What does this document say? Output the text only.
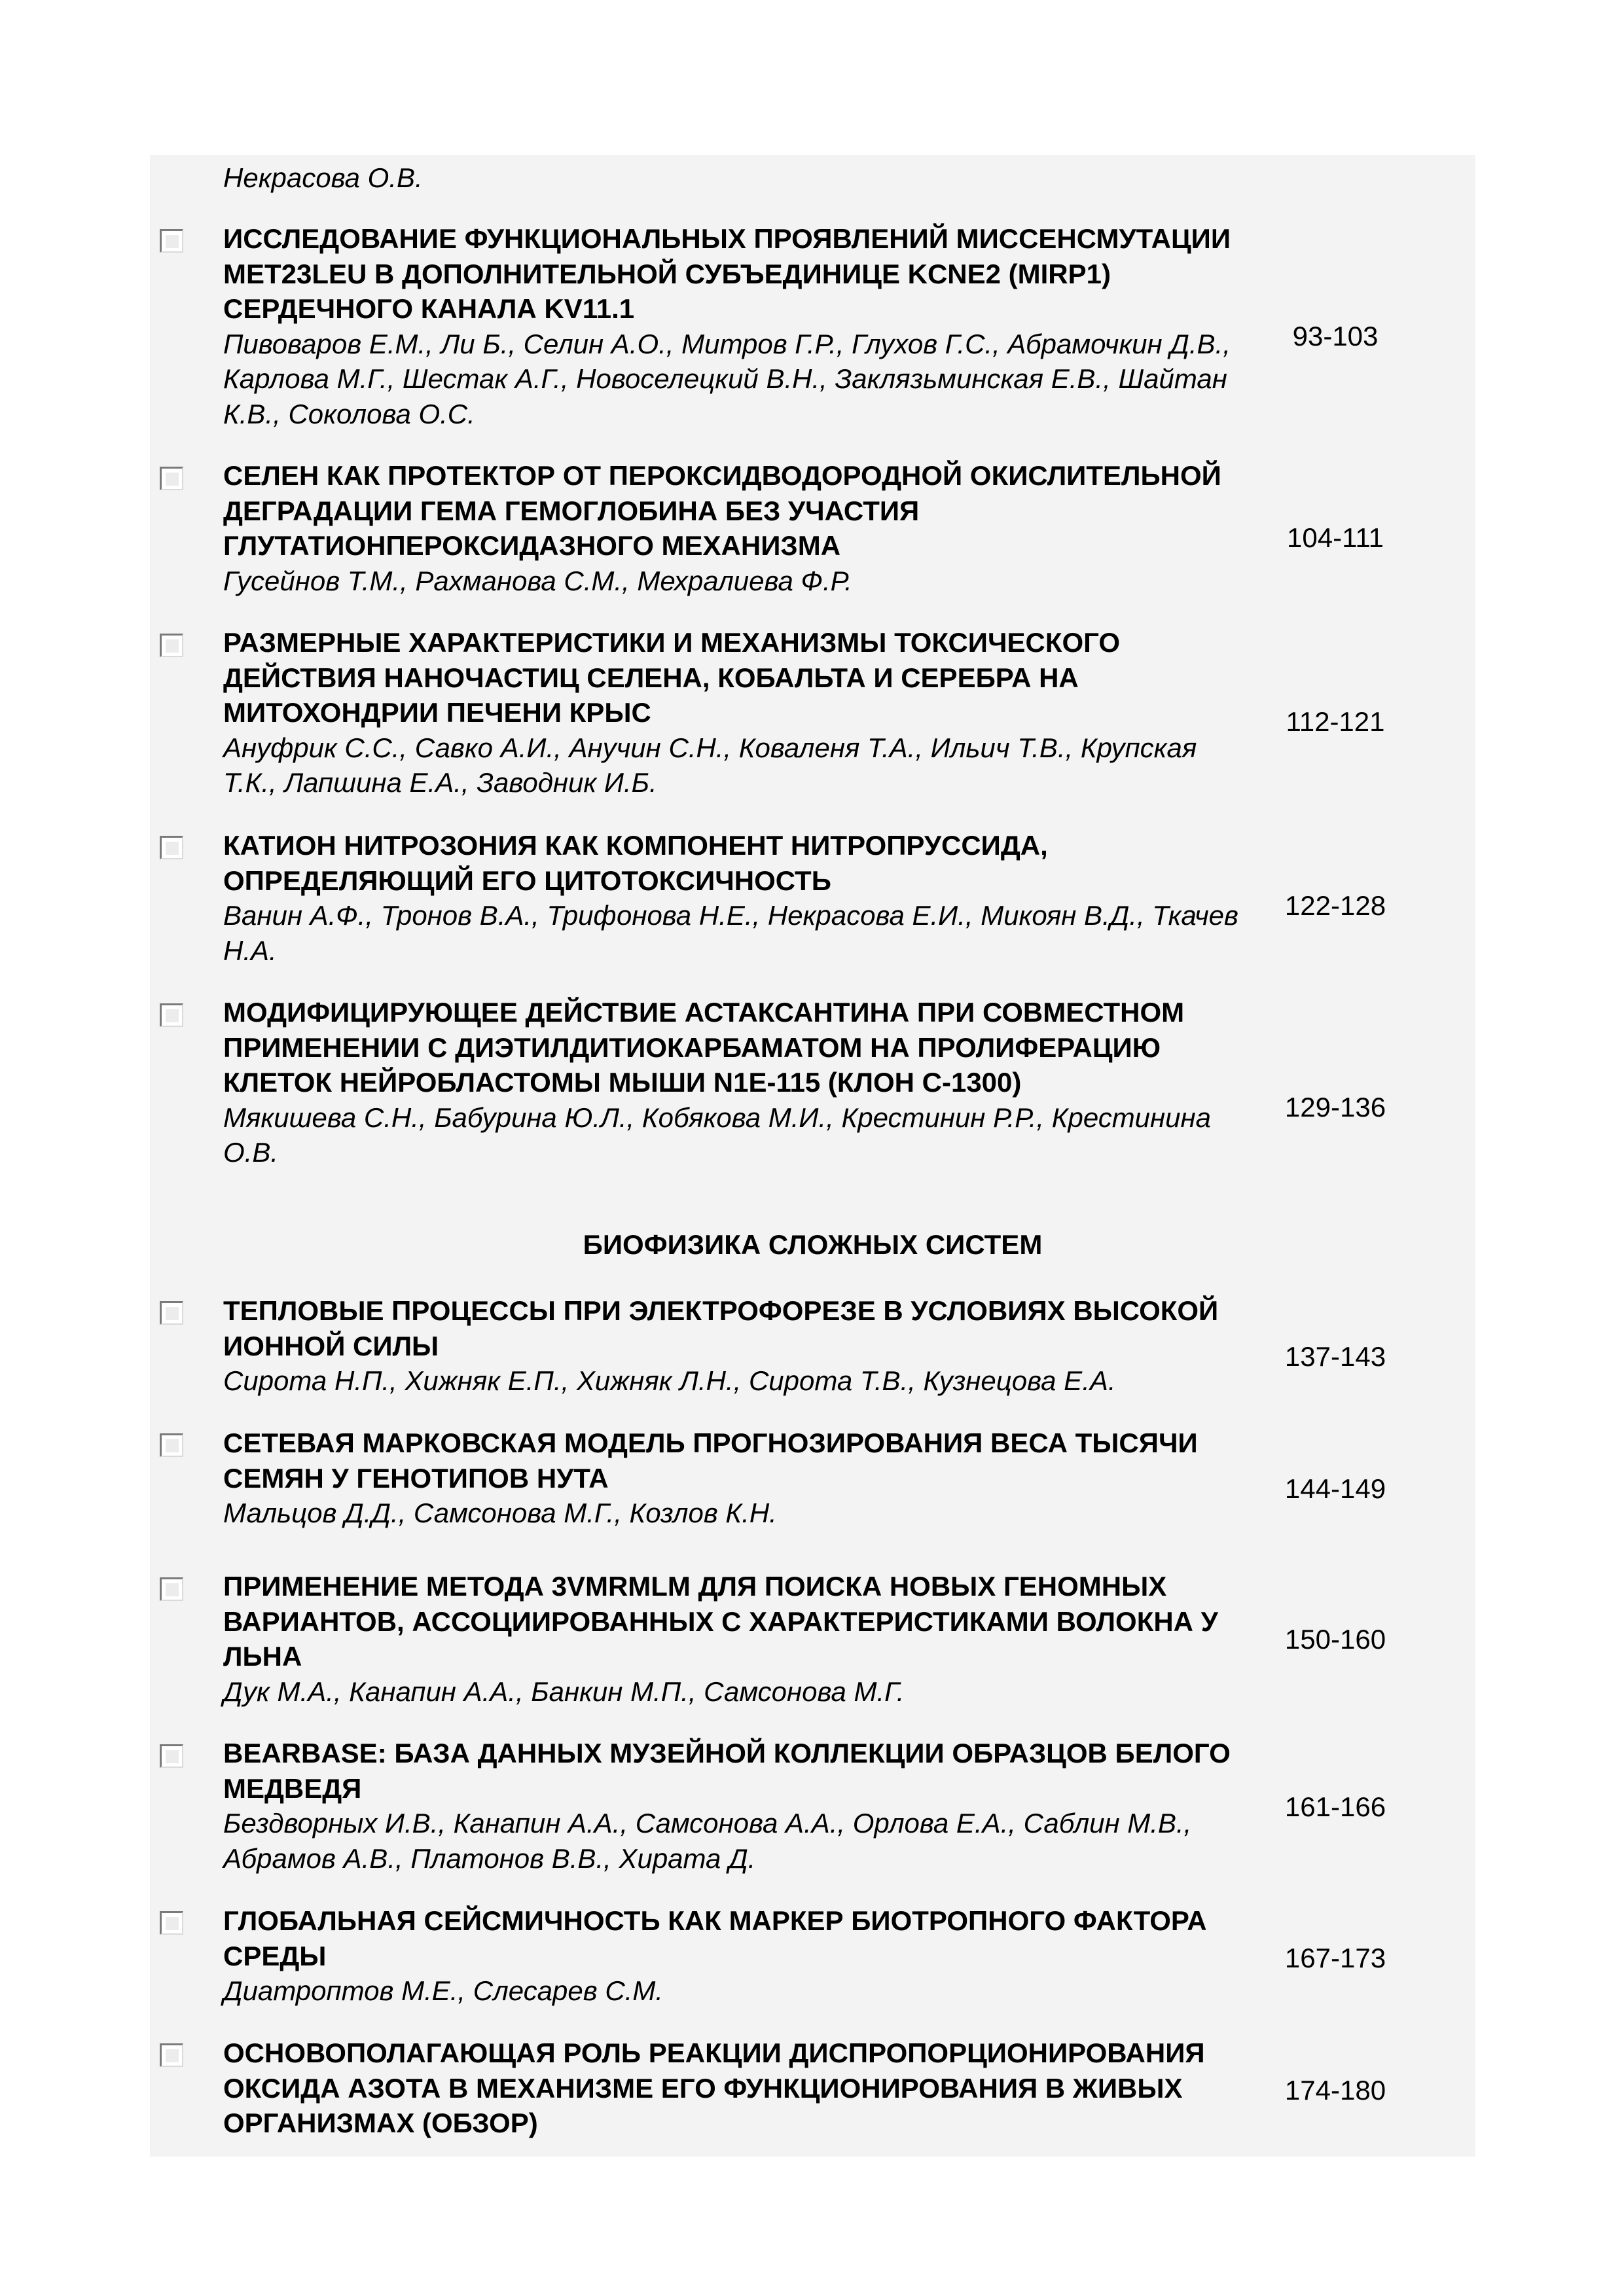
Некрасова О.В.
БИОФИЗИКА СЛОЖНЫХ СИСТЕМ
ИССЛЕДОВАНИЕ ФУНКЦИОНАЛЬНЫХ ПРОЯВЛЕНИЙ МИССЕНСМУТАЦИИ MET23LEU В ДОПОЛНИТЕЛЬНОЙ СУБЪЕДИНИЦЕ KCNE2 (MIRP1) СЕРДЕЧНОГО КАНАЛА KV11.1
Пивоваров Е.М., Ли Б., Селин А.О., Митров Г.Р., Глухов Г.С., Абрамочкин Д.В., Карлова М.Г., Шестак А.Г., Новоселецкий В.Н., Заклязьминская Е.В., Шайтан К.В., Соколова О.С.
93-103
СЕЛЕН КАК ПРОТЕКТОР ОТ ПЕРОКСИДВОДОРОДНОЙ ОКИСЛИТЕЛЬНОЙ ДЕГРАДАЦИИ ГЕМА ГЕМОГЛОБИНА БЕЗ УЧАСТИЯ ГЛУТАТИОНПЕРОКСИДАЗНОГО МЕХАНИЗМА
Гусейнов Т.М., Рахманова С.М., Мехралиева Ф.Р.
104-111
РАЗМЕРНЫЕ ХАРАКТЕРИСТИКИ И МЕХАНИЗМЫ ТОКСИЧЕСКОГО ДЕЙСТВИЯ НАНОЧАСТИЦ СЕЛЕНА, КОБАЛЬТА И СЕРЕБРА НА МИТОХОНДРИИ ПЕЧЕНИ КРЫС
Ануфрик С.С., Савко А.И., Анучин С.Н., Коваленя Т.А., Ильич Т.В., Крупская Т.К., Лапшина Е.А., Заводник И.Б.
112-121
КАТИОН НИТРОЗОНИЯ КАК КОМПОНЕНТ НИТРОПРУССИДА, ОПРЕДЕЛЯЮЩИЙ ЕГО ЦИТОТОКСИЧНОСТЬ
Ванин А.Ф., Тронов В.А., Трифонова Н.Е., Некрасова Е.И., Микоян В.Д., Ткачев Н.А.
122-128
МОДИФИЦИРУЮЩЕЕ ДЕЙСТВИЕ АСТАКСАНТИНА ПРИ СОВМЕСТНОМ ПРИМЕНЕНИИ С ДИЭТИЛДИТИОКАРБАМАТОМ НА ПРОЛИФЕРАЦИЮ КЛЕТОК НЕЙРОБЛАСТОМЫ МЫШИ N1E-115 (КЛОН C-1300)
Мякишева С.Н., Бабурина Ю.Л., Кобякова М.И., Крестинин Р.Р., Крестинина О.В.
129-136
ТЕПЛОВЫЕ ПРОЦЕССЫ ПРИ ЭЛЕКТРОФОРЕЗЕ В УСЛОВИЯХ ВЫСОКОЙ ИОННОЙ СИЛЫ
Сирота Н.П., Хижняк Е.П., Хижняк Л.Н., Сирота Т.В., Кузнецова Е.А.
137-143
СЕТЕВАЯ МАРКОВСКАЯ МОДЕЛЬ ПРОГНОЗИРОВАНИЯ ВЕСА ТЫСЯЧИ СЕМЯН У ГЕНОТИПОВ НУТА
Мальцов Д.Д., Самсонова М.Г., Козлов К.Н.
144-149
ПРИМЕНЕНИЕ МЕТОДА 3VMRMLM ДЛЯ ПОИСКА НОВЫХ ГЕНОМНЫХ ВАРИАНТОВ, АССОЦИИРОВАННЫХ С ХАРАКТЕРИСТИКАМИ ВОЛОКНА У ЛЬНА
Дук М.А., Канапин А.А., Банкин М.П., Самсонова М.Г.
150-160
BEARBASE: БАЗА ДАННЫХ МУЗЕЙНОЙ КОЛЛЕКЦИИ ОБРАЗЦОВ БЕЛОГО МЕДВЕДЯ
Бездворных И.В., Канапин А.А., Самсонова А.А., Орлова Е.А., Саблин М.В., Абрамов А.В., Платонов В.В., Хирата Д.
161-166
ГЛОБАЛЬНАЯ СЕЙСМИЧНОСТЬ КАК МАРКЕР БИОТРОПНОГО ФАКТОРА СРЕДЫ
Диатроптов М.Е., Слесарев С.М.
167-173
ОСНОВОПОЛАГАЮЩАЯ РОЛЬ РЕАКЦИИ ДИСПРОПОРЦИОНИРОВАНИЯ ОКСИДА АЗОТА В МЕХАНИЗМЕ ЕГО ФУНКЦИОНИРОВАНИЯ В ЖИВЫХ ОРГАНИЗМАХ (ОБЗОР)
174-180
